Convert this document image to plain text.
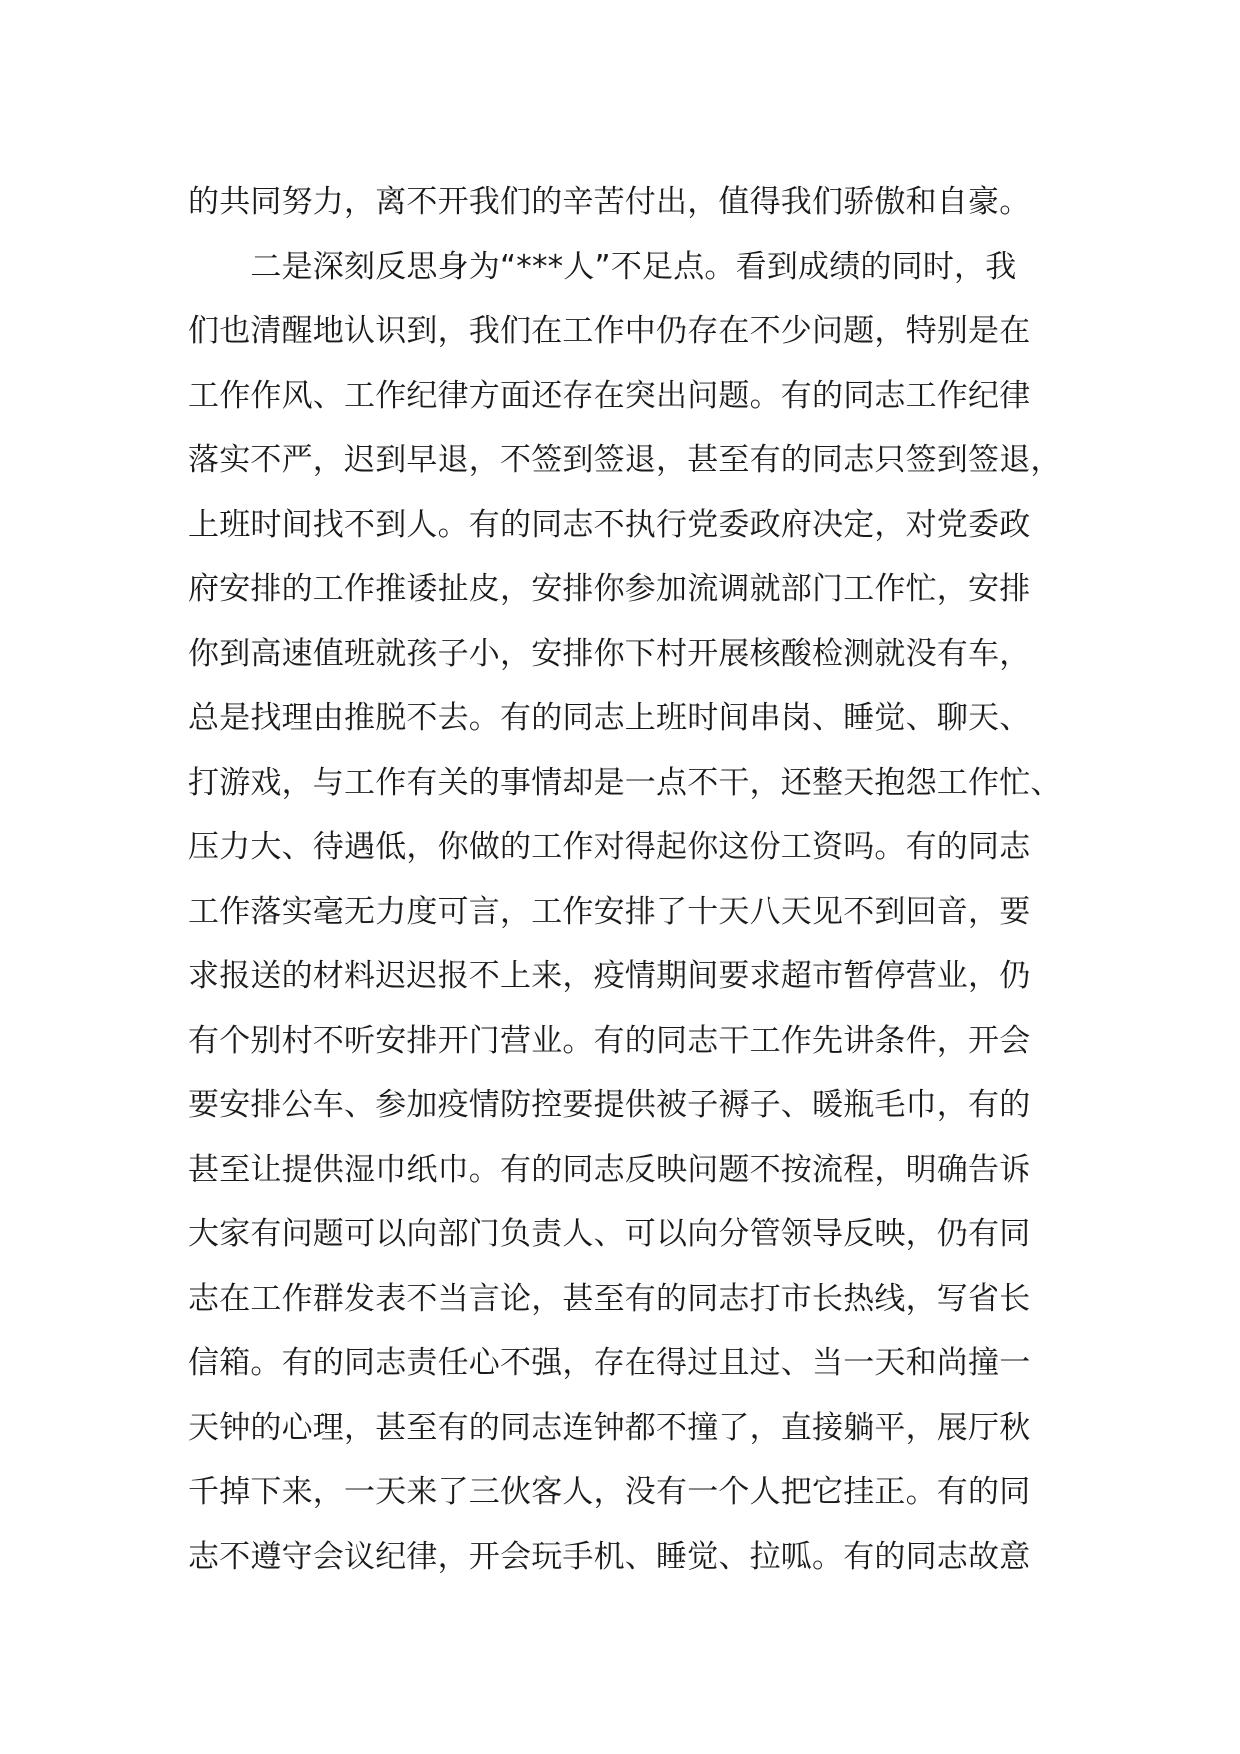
的共同努力，离不开我们的辛苦付出，值得我们骄傲和自豪。
　　二是深刻反思身为“***人”不足点。看到成绩的同时，我
们也清醒地认识到，我们在工作中仍存在不少问题，特别是在
工作作风、工作纪律方面还存在突出问题。有的同志工作纪律
落实不严，迟到早退，不签到签退，甚至有的同志只签到签退，
上班时间找不到人。有的同志不执行党委政府决定，对党委政
府安排的工作推诿扯皮，安排你参加流调就部门工作忙，安排
你到高速值班就孩子小，安排你下村开展核酸检测就没有车，
总是找理由推脱不去。有的同志上班时间串岗、睡觉、聊天、
打游戏，与工作有关的事情却是一点不干，还整天抱怨工作忙、
压力大、待遇低，你做的工作对得起你这份工资吗。有的同志
工作落实毫无力度可言，工作安排了十天八天见不到回音，要
求报送的材料迟迟报不上来，疫情期间要求超市暂停营业，仍
有个别村不听安排开门营业。有的同志干工作先讲条件，开会
要安排公车、参加疫情防控要提供被子褥子、暖瓶毛巾，有的
甚至让提供湿巾纸巾。有的同志反映问题不按流程，明确告诉
大家有问题可以向部门负责人、可以向分管领导反映，仍有同
志在工作群发表不当言论，甚至有的同志打市长热线，写省长
信箱。有的同志责任心不强，存在得过且过、当一天和尚撞一
天钟的心理，甚至有的同志连钟都不撞了，直接躺平，展厅秋
千掉下来，一天来了三伙客人，没有一个人把它挂正。有的同
志不遵守会议纪律，开会玩手机、睡觉、拉呱。有的同志故意
